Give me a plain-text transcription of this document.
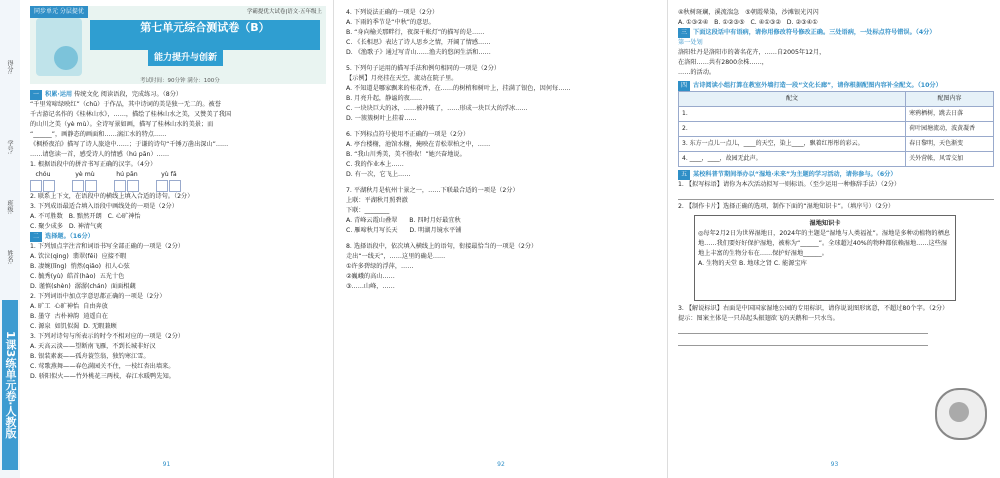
得分:
学号:
班级:
姓名:
1课3练单元卷·人教版
同步单元 分层提优	学霸提优大试卷|语文·五年级上
第七单元综合测试卷（B）
能力提升与创新
考试时间：90分钟 满分：100分
一 积累·运用 传统文化 阅读语段，完成练习。（8分）
“千里莺啼绿映红”（chū）于作品，其中诗词的美是独一无二的。被誉
千古游记名作的《桂林山水》，……，描绘了桂林山水之美，又赞美了我国
的山川之美（yè mù）。全诗写景如画，描写了桂林山水的美景；而
“______”，画静态的画面和……漓江水的特点……
《枫桥夜泊》描写了诗人旅途中……；于谦的诗句“千锤万凿出深山”……
……请您读一首，感受诗人的情感（hú pān）……
1. 根据语段中的拼音书写正确的汉字。（4分）
chóu	yè mù	hú pān	yù fā

2. 联系上下文，在语段中的横线上填入合适的诗句。（2分）
3. 下列成语最适合填入语段中画线处的一项是（2分）
A. 不可胜数 B. 黯然开朗 C. 心旷神怡
C. 聚少成多 D. 神清气爽
二 选择题。（16分）
1. 下列加点字注音和词语书写全部正确的一项是（2分）
A. 饮泣(qìng) 翡翠(fěi) 应接不暇
B. 凄婉(lǐng) 悄然(qiǎo) 扣人心弦
C. 毓秀(yù) 皓首(hào) 五光十色
D. 谨慎(shèn) 潺潺(chán) 面面相觑
2. 下列词语中加点字意思都正确的一项是（2分）
A. 旷工 心旷神怡 自由奔放
B. 墨守 古朴神韵 逍遥自在
C. 源泉 如饥似渴 D. 无暇兼顾
3. 下列对诗句与所表示的时令不相对应的一项是（2分）
A. 天高云淡——望断南飞雁，不到长城非好汉
B. 银装素裹——孤舟蓑笠翁，独钓寒江雪。
C. 莺歌燕舞——春色满园关不住，一枝红杏出墙来。
D. 骄阳似火——竹外桃花三两枝，春江水暖鸭先知。
91
4. 下列说法正确的一项是（2分）
A. 下雨的季节是“中秋”的意思。
B. “身向榆关那畔行，夜深千帐灯”的描写的是……
C. 《长相思》表达了诗人思乡之情，开阔了情感……
D. 《渔歌子》通过写青山……渔夫的悠闲生活和……
5. 下列句子运用的描写手法和例句相同的一项是（2分）
【示例】月亮挂在天空，流动在院子里。
A. 不知道是哪家飘来的桂花香，在……的树梢和树叶上，挂满了银色，因何每……
B. 月亮升起，静谧的夜……
C. 一块块巨大的冰，……被冲破了，……形成一块巨大的浮冰……
D. 一簇簇树叶上挂着……
6. 下列标点符号使用不正确的一项是（2分）
A. 亭台楼榭，池馆水榭，掩映在青松翠柏之中，……
B. “我山川秀美，美不胜收！”她兴奋地说。
C. 我的作业本上……
D. 有一次，它飞上……
7. 平湖秋月是杭州十景之一，……下联最合适的一项是（2分）
上联：平湖秋月照碧澈
下联：________
A. 青峰云霞山叠翠 B. 四时月好最宜秋
C. 雁啼秋月写长天 D. 明湖月镜水平铺
8. 选择语段中，依次填入横线上的语句，衔接最恰当的一项是（2分）
走出“一线天”，……这里的确是……
①许多碧绿的浮萍，……
②巍峨的高山……
③……山峰，……
92
④秋树斑斓，溪流湍急 ⑤朝霞晕染，沙滩银光闪闪
A. ①③②④ B. ①②③⑤ C. ④①③② D. ②③④①
三 下面这段话中有语病，请你用修改符号修改正确。三处语病，一处标点符号错误。（4分）
第一处划
洛阳牡丹是洛阳市的著名花卉，……自2005年12月，
在洛阳……共有2800余株……，
……的活动。
四 古诗阅读小组打算在教室外墙打造一段“文化长廊”，请你根据配图内容补全配文。（10分）
配文	配图内容
1.	寒鸦栖树，跳去日落
2.	荷叶园塘流动，波黄凝香
3. 东方一点儿一点儿，____的天空，染上____，飘着红彤彤的彩云。	春日黎明，天色渐变
4. ____，____，故园无此声。	关外营帐，风雪交加
五 某校科普节期间举办以“湿地·未来”为主题的学习活动，请你参与。（6分）
1. 【拟写标语】请你为本次活动拟写一则标语。（至少运用一种修辞手法）（2分）
2. 【制作卡片】选择正确的选项，制作下面的“湿地知识卡”。（填序号）（2分）
湿地知识卡
◎每年2月2日为世界湿地日，2024年的主题是“湿地与人类福祉”。湿地是多种动植物的栖息地……我们要好好保护湿地，被称为“______”。全球超过40%的物种都依赖湿地……这些湿地上丰富的生物分布在……保护好湿地______。
A. 生物的天堂 B. 地球之肾 C. 能源宝库
3. 【解说标识】右面是中国国家湿地公园的专用标识，请你说说图形寓意，不超过80个字。（2分）
提示：图案主体是一只昂起头振翅欲飞的天鹅和一只水鸟。
93
